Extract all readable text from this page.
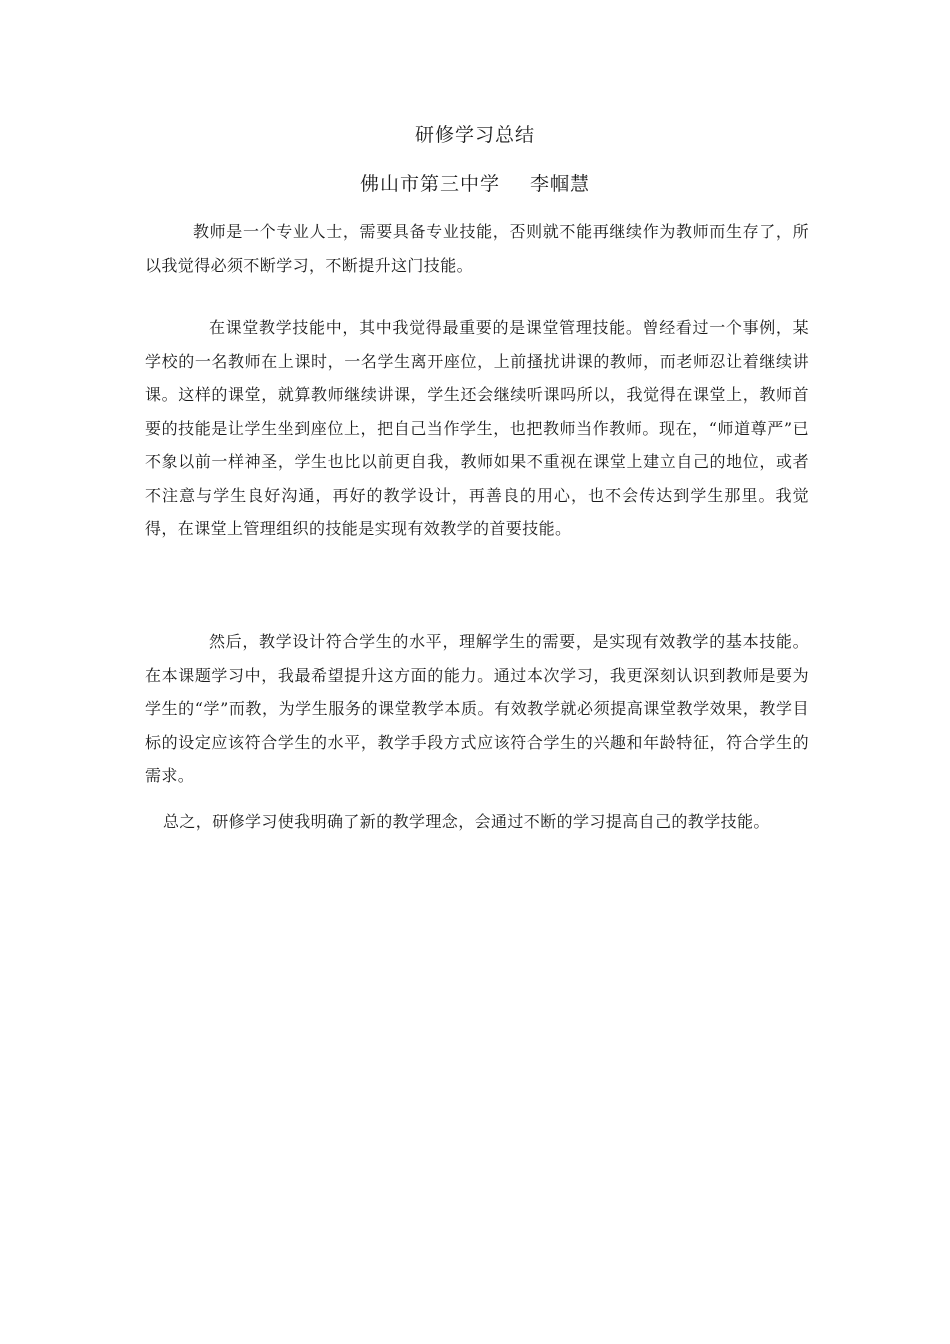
研修学习总结
佛山市第三中学 李帼慧

教师是一个专业人士，需要具备专业技能，否则就不能再继续作为教师而生存了，所以我觉得必须不断学习，不断提升这门技能。

在课堂教学技能中，其中我觉得最重要的是课堂管理技能。曾经看过一个事例，某学校的一名教师在上课时，一名学生离开座位，上前搔扰讲课的教师，而老师忍让着继续讲课。这样的课堂，就算教师继续讲课，学生还会继续听课吗所以，我觉得在课堂上，教师首要的技能是让学生坐到座位上，把自己当作学生，也把教师当作教师。现在，“师道尊严”已不象以前一样神圣，学生也比以前更自我，教师如果不重视在课堂上建立自己的地位，或者不注意与学生良好沟通，再好的教学设计，再善良的用心，也不会传达到学生那里。我觉得，在课堂上管理组织的技能是实现有效教学的首要技能。

然后，教学设计符合学生的水平，理解学生的需要，是实现有效教学的基本技能。在本课题学习中，我最希望提升这方面的能力。通过本次学习，我更深刻认识到教师是要为学生的“学”而教，为学生服务的课堂教学本质。有效教学就必须提高课堂教学效果，教学目标的设定应该符合学生的水平，教学手段方式应该符合学生的兴趣和年龄特征，符合学生的需求。

总之，研修学习使我明确了新的教学理念，会通过不断的学习提高自己的教学技能。
